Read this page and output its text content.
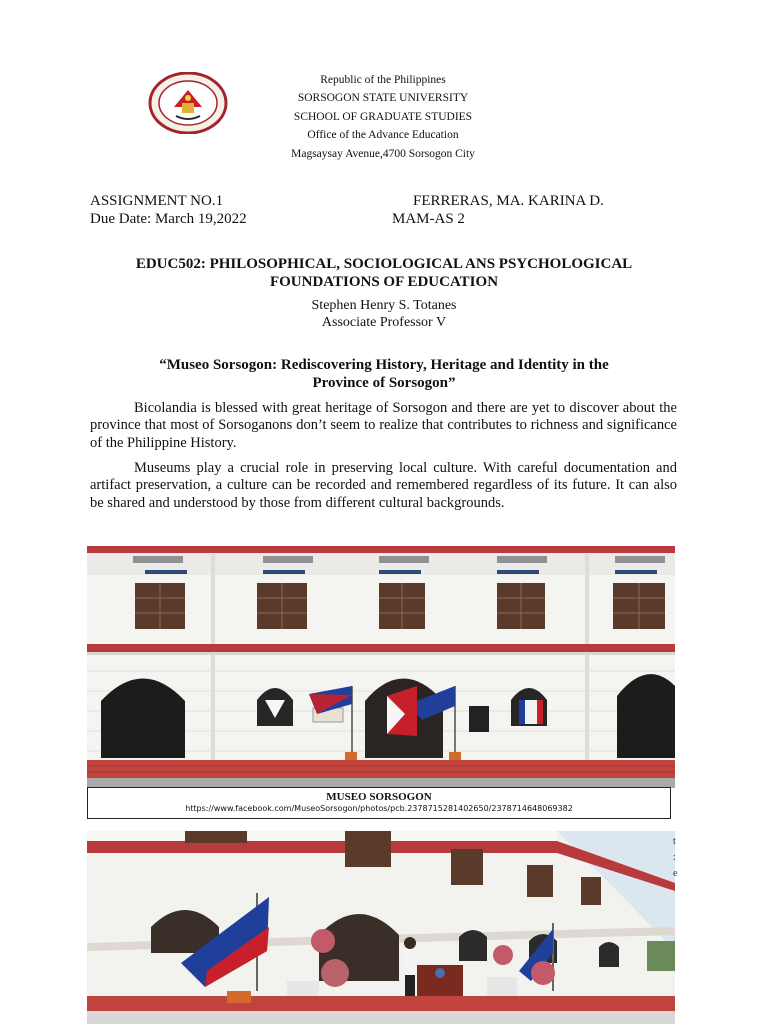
Republic of the Philippines
SORSOGON STATE UNIVERSITY
SCHOOL OF GRADUATE STUDIES
Office of the Advance Education
Magsaysay Avenue,4700 Sorsogon City
ASSIGNMENT NO.1
Due Date: March 19,2022
FERRERAS, MA. KARINA D.
MAM-AS 2
EDUC502: PHILOSOPHICAL, SOCIOLOGICAL ANS PSYCHOLOGICAL
FOUNDATIONS OF EDUCATION
Stephen Henry S. Totanes
Associate Professor V
“Museo Sorsogon: Rediscovering History, Heritage and Identity in the
Province of Sorsogon”
Bicolandia is blessed with great heritage of Sorsogon and there are yet to discover about the province that most of Sorsoganons don’t seem to realize that contributes to richness and significance of the Philippine History.
Museums play a crucial role in preserving local culture. With careful documentation and artifact preservation, a culture can be recorded and remembered regardless of its future. It can also be shared and understood by those from different cultural backgrounds.
MUSEO SORSOGON
https://www.facebook.com/MuseoSorsogon/photos/pcb.2378715281402650/2378714648069382
t
:
e
